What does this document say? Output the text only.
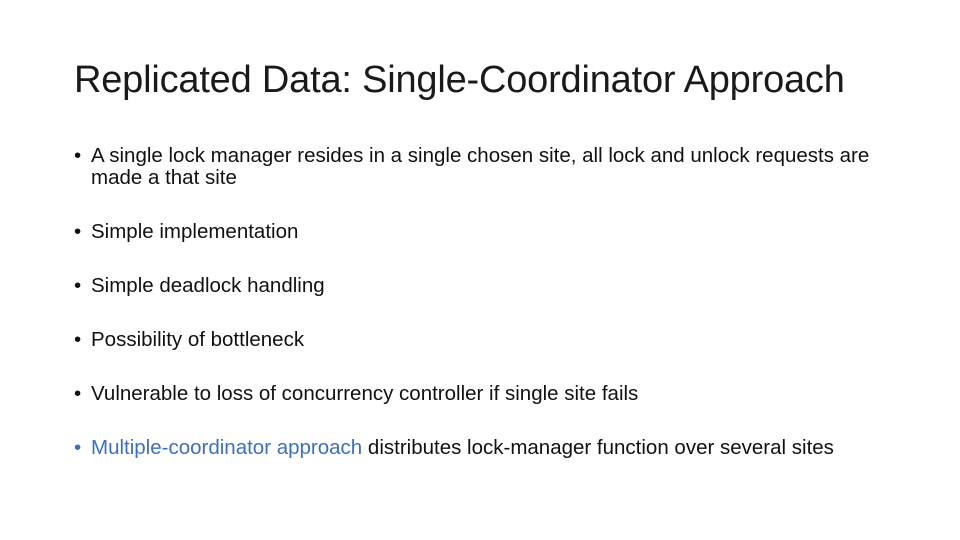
Replicated Data: Single-Coordinator Approach
• A single lock manager resides in a single chosen site, all lock and unlock requests are made a that site
• Simple implementation
• Simple deadlock handling
• Possibility of bottleneck
• Vulnerable to loss of concurrency controller if single site fails
• Multiple-coordinator approach distributes lock-manager function over several sites
